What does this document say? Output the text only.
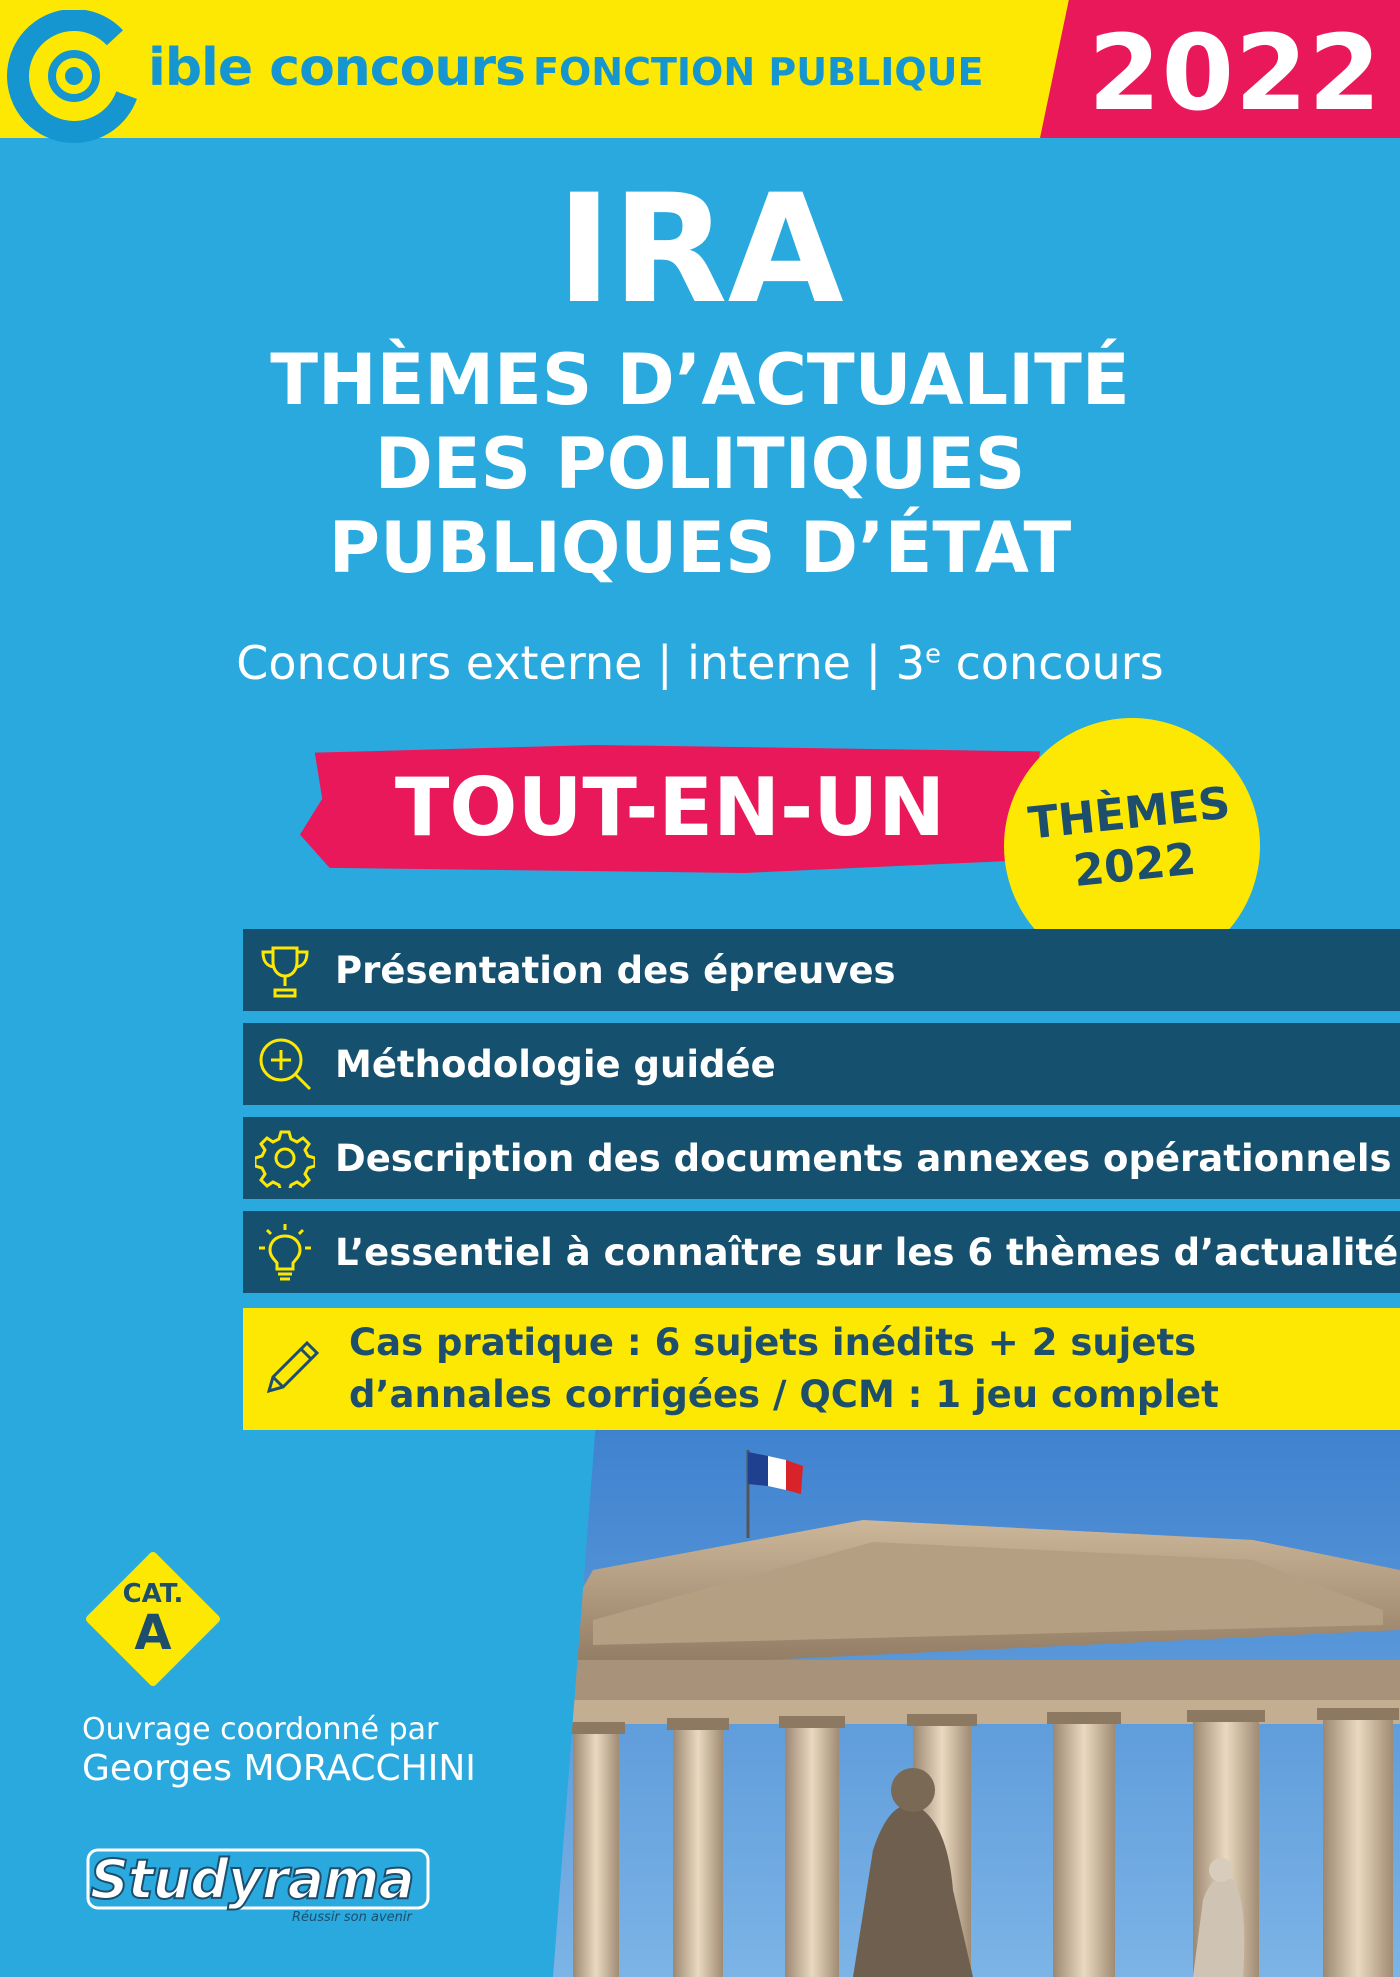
2022
ible concours FONCTION PUBLIQUE
IRA
THÈMES D’ACTUALITÉ
DES POLITIQUES
PUBLIQUES D’ÉTAT
Concours externe | interne | 3e concours
TOUT-EN-UN	THÈMES
2022
Présentation des épreuves
Méthodologie guidée
Description des documents annexes opérationnels
L’essentiel à connaître sur les 6 thèmes d’actualité
Cas pratique : 6 sujets inédits + 2 sujets
d’annales corrigées / QCM : 1 jeu complet
CAT.
A
Ouvrage coordonné par
Georges MORACCHINI
Studyrama
Réussir son avenir
